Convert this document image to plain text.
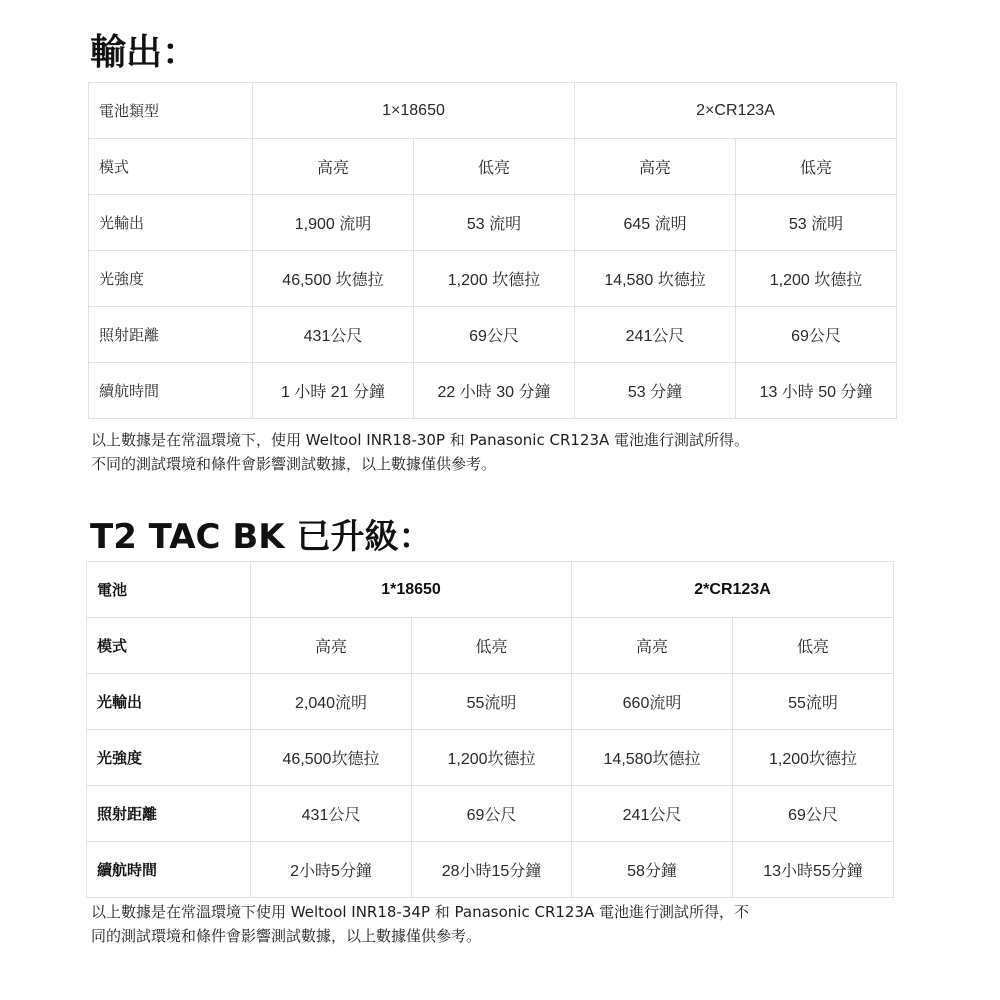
輸出：
電池類型	1×18650		2×CR123A	
模式	高亮	低亮	高亮	低亮
光輸出	1,900 流明	53 流明	645 流明	53 流明
光強度	46,500 坎德拉	1,200 坎德拉	14,580 坎德拉	1,200 坎德拉
照射距離	431公尺	69公尺	241公尺	69公尺
續航時間	1 小時 21 分鐘	22 小時 30 分鐘	53 分鐘	13 小時 50 分鐘

以上數據是在常溫環境下，使用 Weltool INR18-30P 和 Panasonic CR123A 電池進行測試所得。
不同的測試環境和條件會影響測試數據，以上數據僅供參考。

T2 TAC BK 已升級：
電池	1*18650		2*CR123A	
模式	高亮	低亮	高亮	低亮
光輸出	2,040流明	55流明	660流明	55流明
光強度	46,500坎德拉	1,200坎德拉	14,580坎德拉	1,200坎德拉
照射距離	431公尺	69公尺	241公尺	69公尺
續航時間	2小時5分鐘	28小時15分鐘	58分鐘	13小時55分鐘

以上數據是在常溫環境下使用 Weltool INR18-34P 和 Panasonic CR123A 電池進行測試所得，不
同的測試環境和條件會影響測試數據，以上數據僅供參考。
